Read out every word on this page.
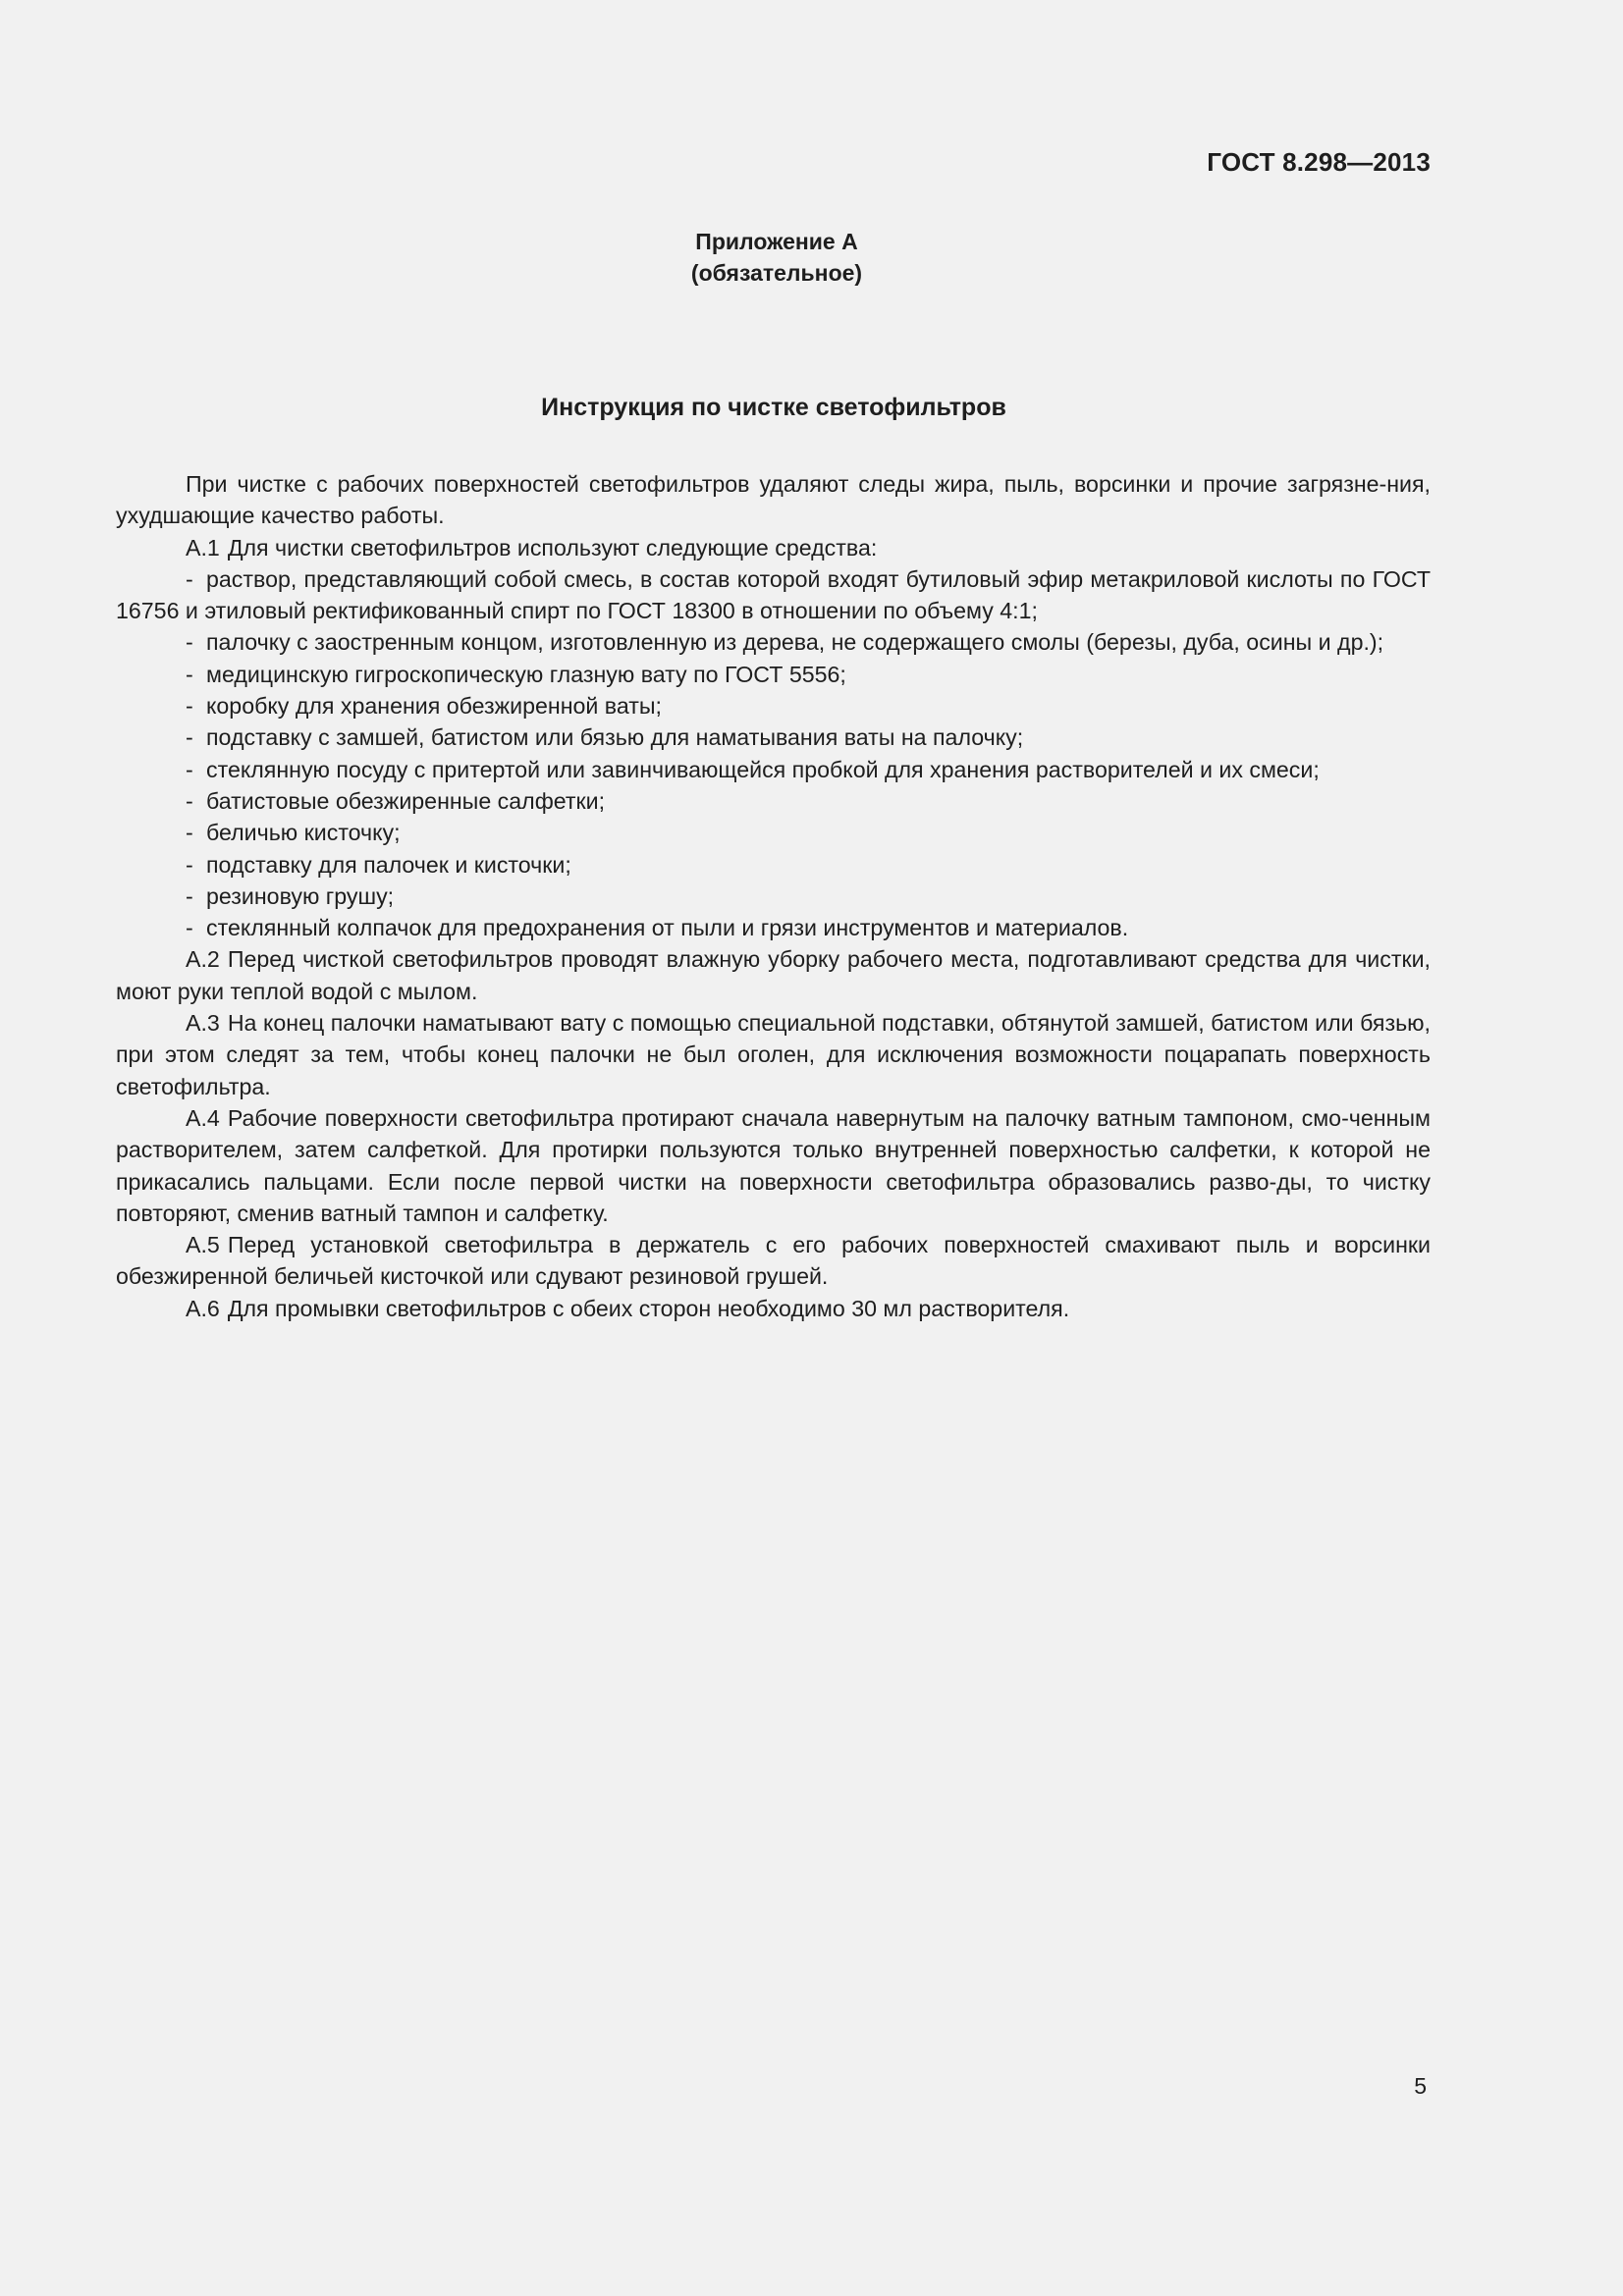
ГОСТ 8.298—2013

Приложение А
(обязательное)
Инструкция по чистке светофильтров

При чистке с рабочих поверхностей светофильтров удаляют следы жира, пыль, ворсинки и прочие загрязне-ния, ухудшающие качество работы.

А.1 Для чистки светофильтров используют следующие средства:

- раствор, представляющий собой смесь, в состав которой входят бутиловый эфир метакриловой кислоты по ГОСТ 16756 и этиловый ректификованный спирт по ГОСТ 18300 в отношении по объему 4:1;

- палочку с заостренным концом, изготовленную из дерева, не содержащего смолы (березы, дуба, осины и др.);

- медицинскую гигроскопическую глазную вату по ГОСТ 5556;

- коробку для хранения обезжиренной ваты;

- подставку с замшей, батистом или бязью для наматывания ваты на палочку;

- стеклянную посуду с притертой или завинчивающейся пробкой для хранения растворителей и их смеси;

- батистовые обезжиренные салфетки;

- беличью кисточку;

- подставку для палочек и кисточки;

- резиновую грушу;

- стеклянный колпачок для предохранения от пыли и грязи инструментов и материалов.

А.2 Перед чисткой светофильтров проводят влажную уборку рабочего места, подготавливают средства для чистки, моют руки теплой водой с мылом.

А.3 На конец палочки наматывают вату с помощью специальной подставки, обтянутой замшей, батистом или бязью, при этом следят за тем, чтобы конец палочки не был оголен, для исключения возможности поцарапать поверхность светофильтра.

А.4 Рабочие поверхности светофильтра протирают сначала навернутым на палочку ватным тампоном, смо-ченным растворителем, затем салфеткой. Для протирки пользуются только внутренней поверхностью салфетки, к которой не прикасались пальцами. Если после первой чистки на поверхности светофильтра образовались разво-ды, то чистку повторяют, сменив ватный тампон и салфетку.

А.5 Перед установкой светофильтра в держатель с его рабочих поверхностей смахивают пыль и ворсинки обезжиренной беличьей кисточкой или сдувают резиновой грушей.

А.6 Для промывки светофильтров с обеих сторон необходимо 30 мл растворителя.

5
